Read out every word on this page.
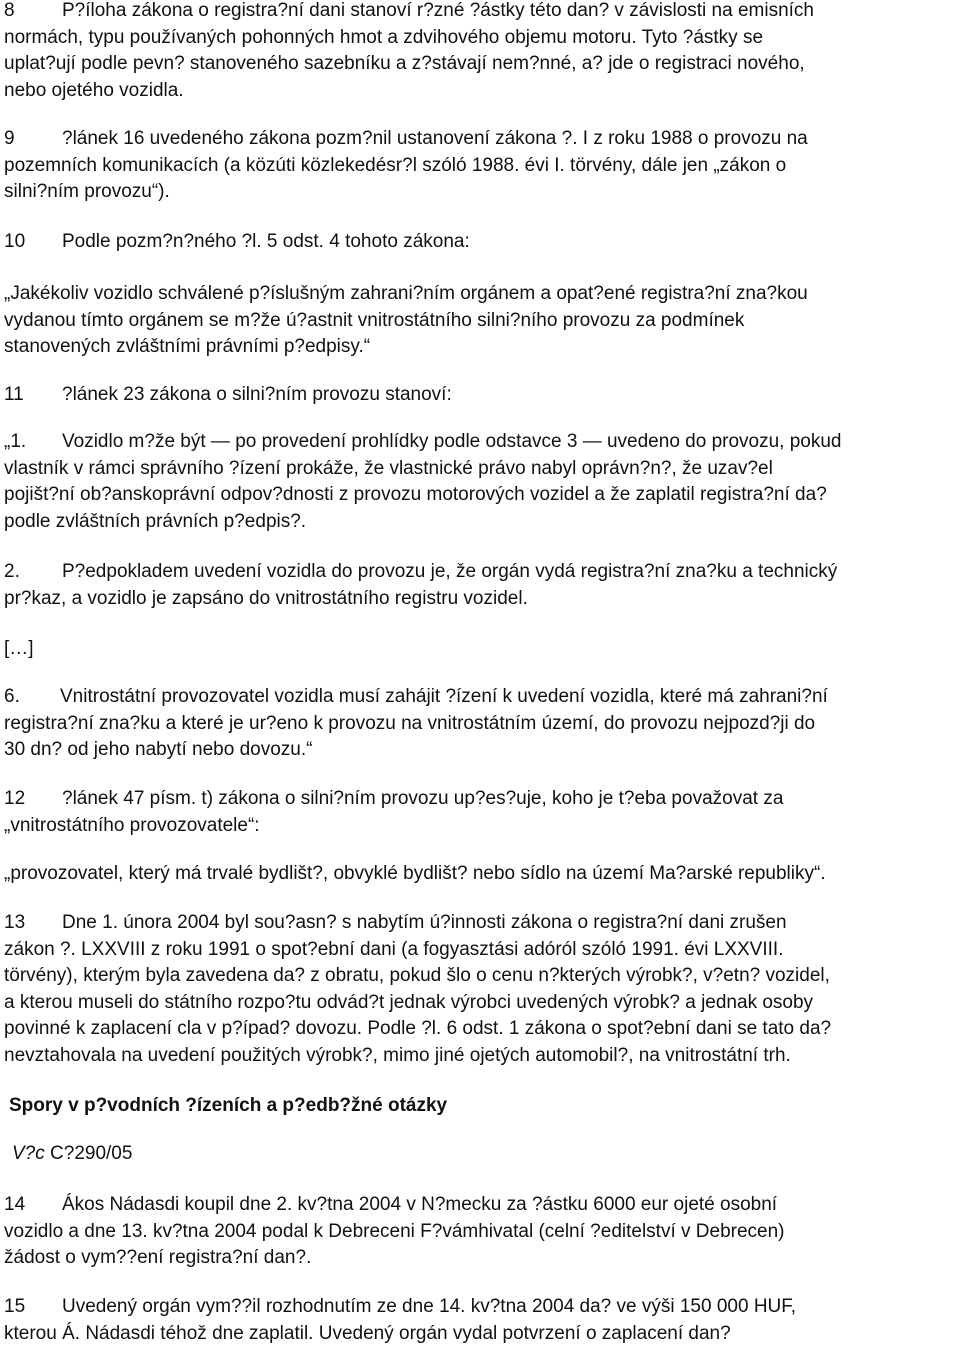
8 P?íloha zákona o registra?ní dani stanoví r?zné ?ástky této dan? v závislosti na emisních
normách, typu používaných pohonných hmot a zdvihového objemu motoru. Tyto ?ástky se
uplat?ují podle pevn? stanoveného sazebníku a z?stávají nem?nné, a? jde o registraci nového,
nebo ojetého vozidla.
9 ?lánek 16 uvedeného zákona pozm?nil ustanovení zákona ?. I z roku 1988 o provozu na
pozemních komunikacích (a közúti közlekedésr?l szóló 1988. évi I. törvény, dále jen „zákon o
silni?ním provozu“).
10 Podle pozm?n?ného ?l. 5 odst. 4 tohoto zákona:
„Jakékoliv vozidlo schválené p?íslušným zahrani?ním orgánem a opat?ené registra?ní zna?kou
vydanou tímto orgánem se m?že ú?astnit vnitrostátního silni?ního provozu za podmínek
stanovených zvláštními právními p?edpisy.“
11 ?lánek 23 zákona o silni?ním provozu stanoví:
„1. Vozidlo m?že být — po provedení prohlídky podle odstavce 3 — uvedeno do provozu, pokud
vlastník v rámci správního ?ízení prokáže, že vlastnické právo nabyl oprávn?n?, že uzav?el
pojišt?ní ob?anskoprávní odpov?dnosti z provozu motorových vozidel a že zaplatil registra?ní da?
podle zvláštních právních p?edpis?.
2. P?edpokladem uvedení vozidla do provozu je, že orgán vydá registra?ní zna?ku a technický
pr?kaz, a vozidlo je zapsáno do vnitrostátního registru vozidel.
[…]
6. Vnitrostátní provozovatel vozidla musí zahájit ?ízení k uvedení vozidla, které má zahrani?ní
registra?ní zna?ku a které je ur?eno k provozu na vnitrostátním území, do provozu nejpozd?ji do
30 dn? od jeho nabytí nebo dovozu.“
12 ?lánek 47 písm. t) zákona o silni?ním provozu up?es?uje, koho je t?eba považovat za
„vnitrostátního provozovatele“:
„provozovatel, který má trvalé bydlišt?, obvyklé bydlišt? nebo sídlo na území Ma?arské republiky“.
13 Dne 1. února 2004 byl sou?asn? s nabytím ú?innosti zákona o registra?ní dani zrušen
zákon ?. LXXVIII z roku 1991 o spot?ební dani (a fogyasztási adóról szóló 1991. évi LXXVIII.
törvény), kterým byla zavedena da? z obratu, pokud šlo o cenu n?kterých výrobk?, v?etn? vozidel,
a kterou museli do státního rozpo?tu odvád?t jednak výrobci uvedených výrobk? a jednak osoby
povinné k zaplacení cla v p?ípad? dovozu. Podle ?l. 6 odst. 1 zákona o spot?ební dani se tato da?
nevztahovala na uvedení použitých výrobk?, mimo jiné ojetých automobil?, na vnitrostátní trh.
Spory v p?vodních ?ízeních a p?edb?žné otázky
V?c C?290/05
14 Ákos Nádasdi koupil dne 2. kv?tna 2004 v N?mecku za ?ástku 6000 eur ojeté osobní
vozidlo a dne 13. kv?tna 2004 podal k Debreceni F?vámhivatal (celní ?editelství v Debrecen)
žádost o vym??ení registra?ní dan?.
15 Uvedený orgán vym??il rozhodnutím ze dne 14. kv?tna 2004 da? ve výši 150 000 HUF,
kterou Á. Nádasdi téhož dne zaplatil. Uvedený orgán vydal potvrzení o zaplacení dan?
